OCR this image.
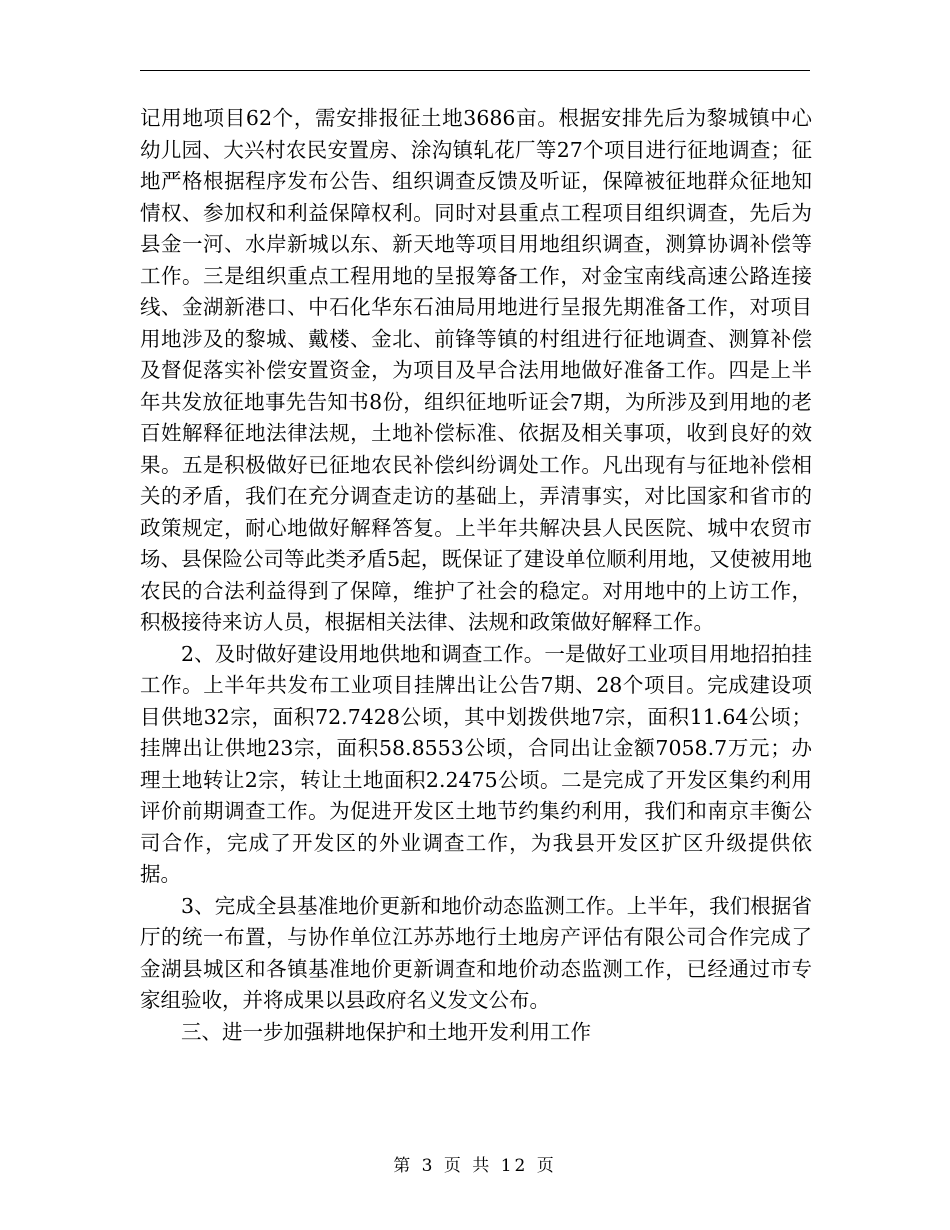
记用地项目62个，需安排报征土地3686亩。根据安排先后为黎城镇中心幼儿园、大兴村农民安置房、涂沟镇轧花厂等27个项目进行征地调查；征地严格根据程序发布公告、组织调查反馈及听证，保障被征地群众征地知情权、参加权和利益保障权利。同时对县重点工程项目组织调查，先后为县金一河、水岸新城以东、新天地等项目用地组织调查，测算协调补偿等工作。三是组织重点工程用地的呈报筹备工作，对金宝南线高速公路连接线、金湖新港口、中石化华东石油局用地进行呈报先期准备工作，对项目用地涉及的黎城、戴楼、金北、前锋等镇的村组进行征地调查、测算补偿及督促落实补偿安置资金，为项目及早合法用地做好准备工作。四是上半年共发放征地事先告知书8份，组织征地听证会7期，为所涉及到用地的老百姓解释征地法律法规，土地补偿标准、依据及相关事项，收到良好的效果。五是积极做好已征地农民补偿纠纷调处工作。凡出现有与征地补偿相关的矛盾，我们在充分调查走访的基础上，弄清事实，对比国家和省市的政策规定，耐心地做好解释答复。上半年共解决县人民医院、城中农贸市场、县保险公司等此类矛盾5起，既保证了建设单位顺利用地，又使被用地农民的合法利益得到了保障，维护了社会的稳定。对用地中的上访工作，积极接待来访人员，根据相关法律、法规和政策做好解释工作。

2、及时做好建设用地供地和调查工作。一是做好工业项目用地招拍挂工作。上半年共发布工业项目挂牌出让公告7期、28个项目。完成建设项目供地32宗，面积72.7428公顷，其中划拨供地7宗，面积11.64公顷；挂牌出让供地23宗，面积58.8553公顷，合同出让金额7058.7万元；办理土地转让2宗，转让土地面积2.2475公顷。二是完成了开发区集约利用评价前期调查工作。为促进开发区土地节约集约利用，我们和南京丰衡公司合作，完成了开发区的外业调查工作，为我县开发区扩区升级提供依据。

3、完成全县基准地价更新和地价动态监测工作。上半年，我们根据省厅的统一布置，与协作单位江苏苏地行土地房产评估有限公司合作完成了金湖县城区和各镇基准地价更新调查和地价动态监测工作，已经通过市专家组验收，并将成果以县政府名义发文公布。

三、进一步加强耕地保护和土地开发利用工作

第 3 页 共 12 页
